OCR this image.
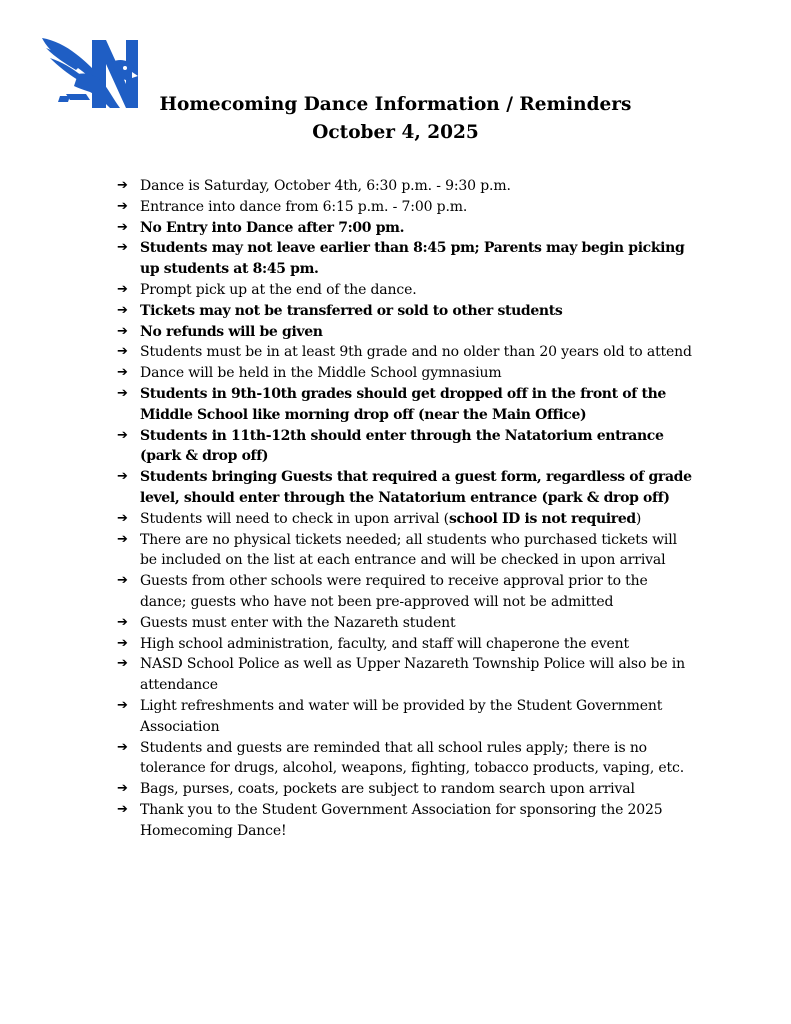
Homecoming Dance Information / Reminders
October 4, 2025
➔ Dance is Saturday, October 4th, 6:30 p.m. - 9:30 p.m.
➔ Entrance into dance from 6:15 p.m. - 7:00 p.m.
➔ No Entry into Dance after 7:00 pm.
➔ Students may not leave earlier than 8:45 pm; Parents may begin picking up students at 8:45 pm.
➔ Prompt pick up at the end of the dance.
➔ Tickets may not be transferred or sold to other students
➔ No refunds will be given
➔ Students must be in at least 9th grade and no older than 20 years old to attend
➔ Dance will be held in the Middle School gymnasium
➔ Students in 9th-10th grades should get dropped off in the front of the Middle School like morning drop off (near the Main Office)
➔ Students in 11th-12th should enter through the Natatorium entrance (park & drop off)
➔ Students bringing Guests that required a guest form, regardless of grade level, should enter through the Natatorium entrance (park & drop off)
➔ Students will need to check in upon arrival (school ID is not required)
➔ There are no physical tickets needed; all students who purchased tickets will be included on the list at each entrance and will be checked in upon arrival
➔ Guests from other schools were required to receive approval prior to the dance; guests who have not been pre-approved will not be admitted
➔ Guests must enter with the Nazareth student
➔ High school administration, faculty, and staff will chaperone the event
➔ NASD School Police as well as Upper Nazareth Township Police will also be in attendance
➔ Light refreshments and water will be provided by the Student Government Association
➔ Students and guests are reminded that all school rules apply; there is no tolerance for drugs, alcohol, weapons, fighting, tobacco products, vaping, etc.
➔ Bags, purses, coats, pockets are subject to random search upon arrival
➔ Thank you to the Student Government Association for sponsoring the 2025 Homecoming Dance!
